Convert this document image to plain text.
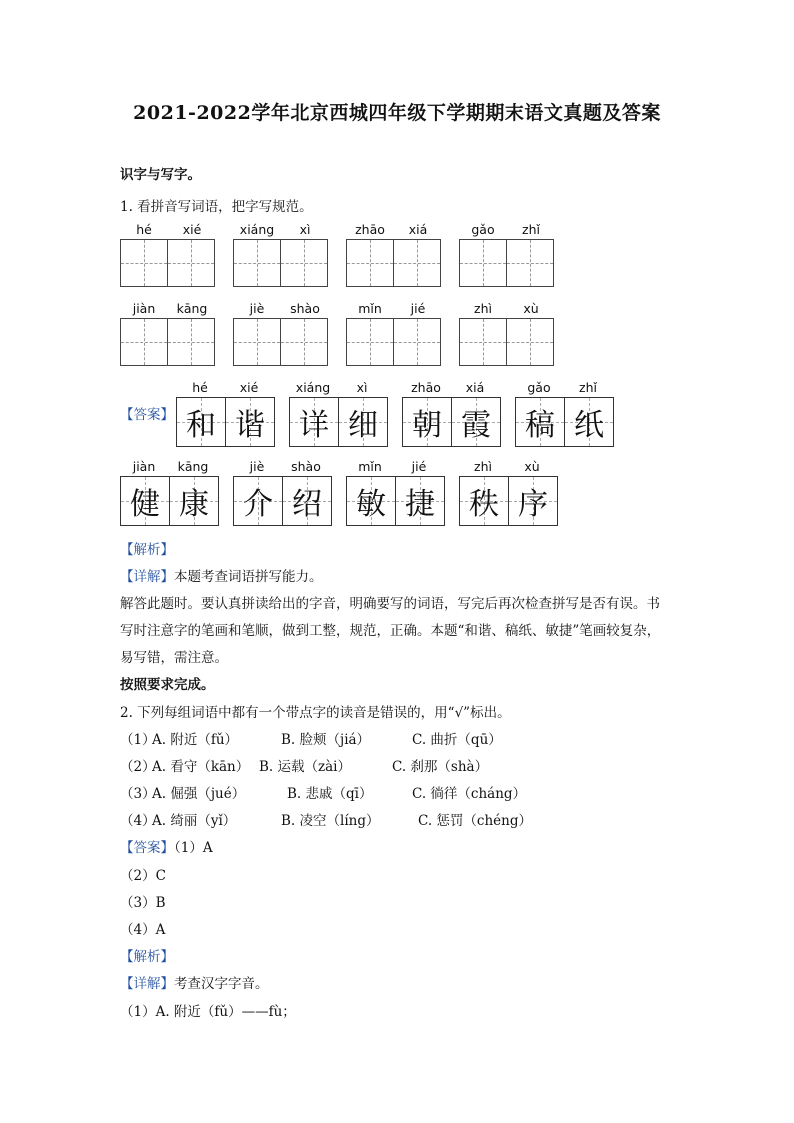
2021-2022学年北京西城四年级下学期期末语文真题及答案
识字与写字。
1. 看拼音写词语，把字写规范。
hé	xié	xiáng	xì	zhāo	xiá	gǎo	zhǐ
jiàn	kāng	jiè	shào	mǐn	jié	zhì	xù
【答案】
hé	xié
和 谐
xiáng	xì
详 细
zhāo	xiá
朝 霞
gǎo	zhǐ
稿 纸
jiàn	kāng
健 康
jiè	shào
介 绍
mǐn	jié
敏 捷
zhì	xù
秩 序
【解析】
【详解】本题考查词语拼写能力。
解答此题时。要认真拼读给出的字音，明确要写的词语，写完后再次检查拼写是否有误。书
写时注意字的笔画和笔顺，做到工整，规范，正确。本题“和谐、稿纸、敏捷”笔画较复杂，
易写错，需注意。
按照要求完成。
2. 下列每组词语中都有一个带点字的读音是错误的，用“√”标出。
（1）
A. 附近（fǔ）	B. 脸颊（jiá）	C. 曲折（qū）
（2）
A. 看守（kān） B. 运载（zài）	C. 刹那（shà）
（3）
A. 倔强（jué）	B. 悲戚（qī）	C. 徜徉（cháng）
（4）
A. 绮丽（yǐ）	B. 凌空（líng）	C. 惩罚（chéng）
【答案】（1）A
（2）C
（3）B
（4）A
【解析】
【详解】考查汉字字音。
（1）A. 附近（fǔ）——fù；
